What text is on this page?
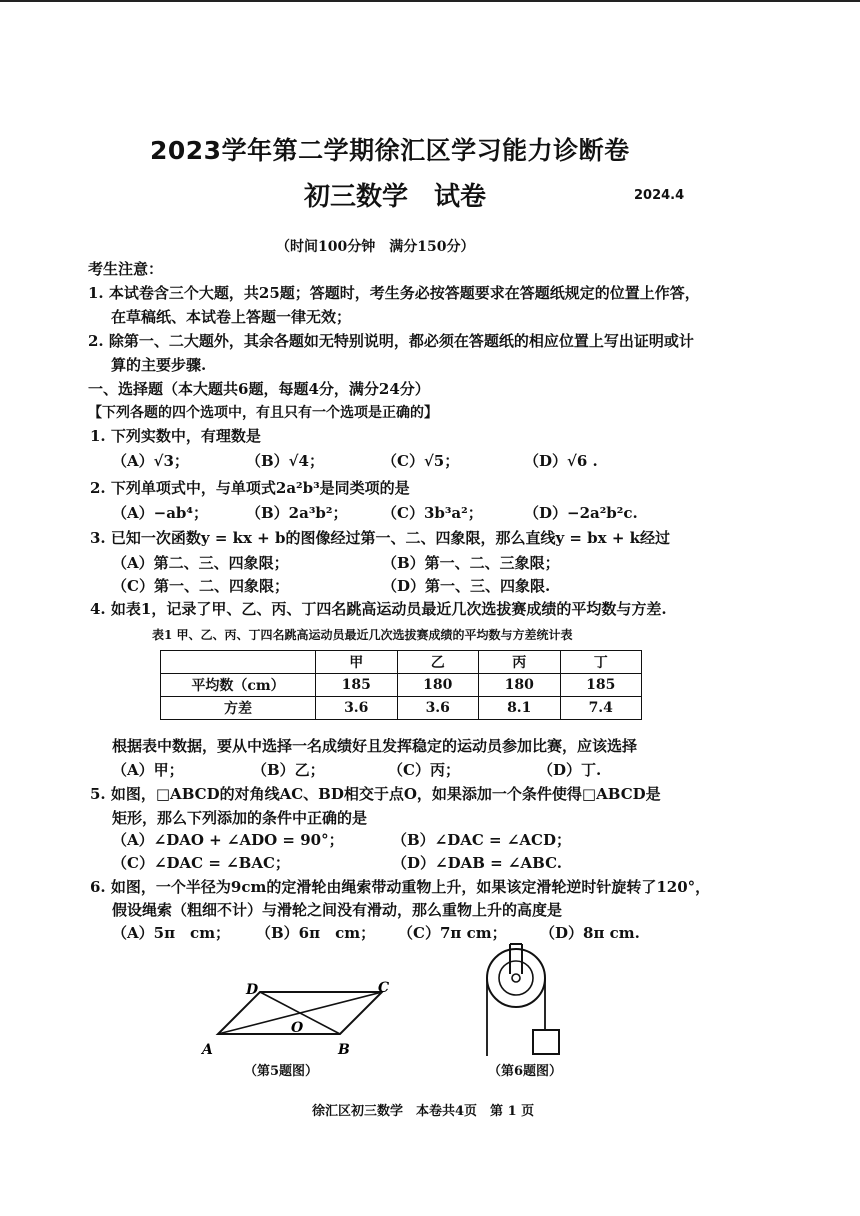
2023学年第二学期徐汇区学习能力诊断卷
初三数学　试卷	2024.4
（时间100分钟　满分150分）
考生注意：
1. 本试卷含三个大题，共25题；答题时，考生务必按答题要求在答题纸规定的位置上作答，
在草稿纸、本试卷上答题一律无效；
2. 除第一、二大题外，其余各题如无特别说明，都必须在答题纸的相应位置上写出证明或计
算的主要步骤.
一、选择题（本大题共6题，每题4分，满分24分）
【下列各题的四个选项中，有且只有一个选项是正确的】
1. 下列实数中，有理数是
（A）√3；	（B）√4；	（C）√5；	（D）√6 .
2. 下列单项式中，与单项式2a²b³是同类项的是
（A）−ab⁴；	（B）2a³b²； （C）3b³a²；	（D）−2a²b²c.
3. 已知一次函数y = kx + b的图像经过第一、二、四象限，那么直线y = bx + k经过
（A）第二、三、四象限；	（B）第一、二、三象限；
（C）第一、二、四象限；	（D）第一、三、四象限.
4. 如表1，记录了甲、乙、丙、丁四名跳高运动员最近几次选拔赛成绩的平均数与方差.
表1 甲、乙、丙、丁四名跳高运动员最近几次选拔赛成绩的平均数与方差统计表
	甲	乙	丙	丁
平均数（cm）	185	180	180	185
方差	3.6	3.6	8.1	7.4
根据表中数据，要从中选择一名成绩好且发挥稳定的运动员参加比赛，应该选择
（A）甲；	（B）乙；	（C）丙；	（D）丁.
5. 如图，□ABCD的对角线AC、BD相交于点O，如果添加一个条件使得□ABCD是
矩形，那么下列添加的条件中正确的是
（A）∠DAO + ∠ADO = 90°；	（B）∠DAC = ∠ACD；
（C）∠DAC = ∠BAC；	（D）∠DAB = ∠ABC.
6. 如图，一个半径为9cm的定滑轮由绳索带动重物上升，如果该定滑轮逆时针旋转了120°，
假设绳索（粗细不计）与滑轮之间没有滑动，那么重物上升的高度是
（A）5π　cm； （B）6π　cm； （C）7π cm； （D）8π cm.
A	B
C
D
O
（第5题图）	（第6题图）
徐汇区初三数学　本卷共4页　第 1 页
